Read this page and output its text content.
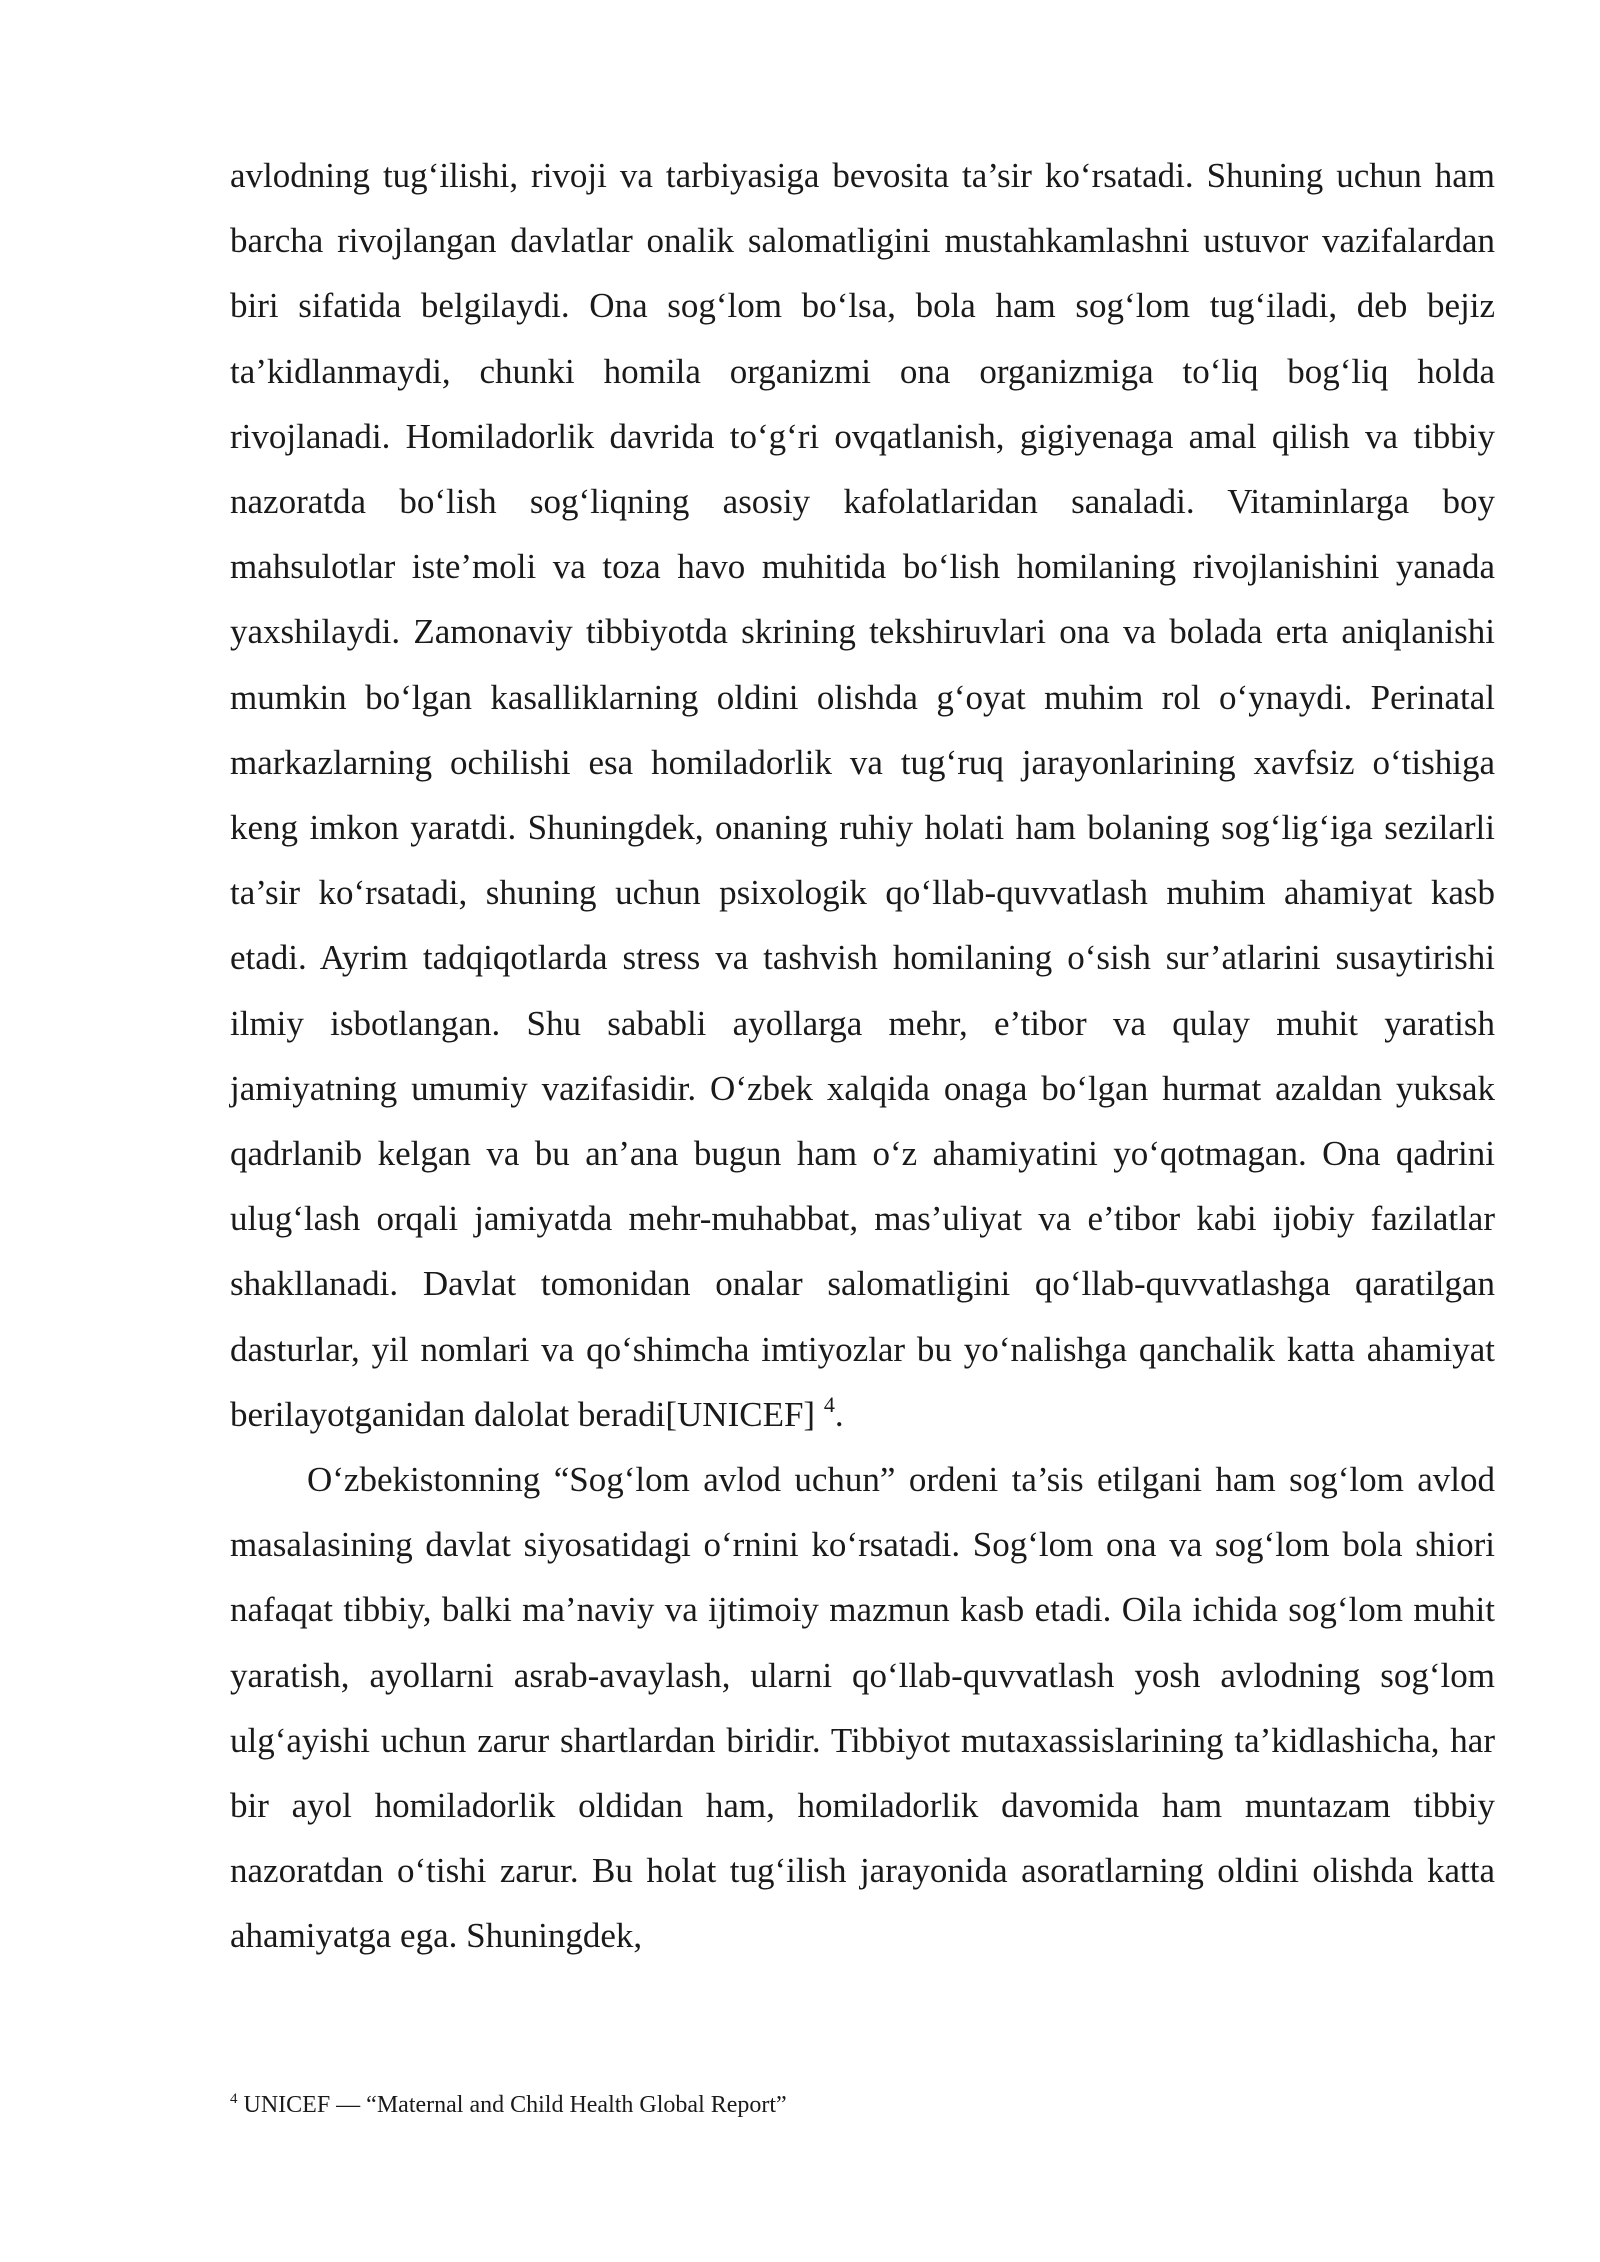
avlodning tug‘ilishi, rivoji va tarbiyasiga bevosita ta’sir ko‘rsatadi. Shuning uchun ham barcha rivojlangan davlatlar onalik salomatligini mustahkamlashni ustuvor vazifalardan biri sifatida belgilaydi. Ona sog‘lom bo‘lsa, bola ham sog‘lom tug‘iladi, deb bejiz ta’kidlanmaydi, chunki homila organizmi ona organizmiga to‘liq bog‘liq holda rivojlanadi. Homiladorlik davrida to‘g‘ri ovqatlanish, gigiyenaga amal qilish va tibbiy nazoratda bo‘lish sog‘liqning asosiy kafolatlaridan sanaladi. Vitaminlarga boy mahsulotlar iste’moli va toza havo muhitida bo‘lish homilaning rivojlanishini yanada yaxshilaydi. Zamonaviy tibbiyotda skrining tekshiruvlari ona va bolada erta aniqlanishi mumkin bo‘lgan kasalliklarning oldini olishda g‘oyat muhim rol o‘ynaydi. Perinatal markazlarning ochilishi esa homiladorlik va tug‘ruq jarayonlarining xavfsiz o‘tishiga keng imkon yaratdi. Shuningdek, onaning ruhiy holati ham bolaning sog‘lig‘iga sezilarli ta’sir ko‘rsatadi, shuning uchun psixologik qo‘llab-quvvatlash muhim ahamiyat kasb etadi. Ayrim tadqiqotlarda stress va tashvish homilaning o‘sish sur’atlarini susaytirishi ilmiy isbotlangan. Shu sababli ayollarga mehr, e’tibor va qulay muhit yaratish jamiyatning umumiy vazifasidir. O‘zbek xalqida onaga bo‘lgan hurmat azaldan yuksak qadrlanib kelgan va bu an’ana bugun ham o‘z ahamiyatini yo‘qotmagan. Ona qadrini ulug‘lash orqali jamiyatda mehr-muhabbat, mas’uliyat va e’tibor kabi ijobiy fazilatlar shakllanadi. Davlat tomonidan onalar salomatligini qo‘llab-quvvatlashga qaratilgan dasturlar, yil nomlari va qo‘shimcha imtiyozlar bu yo‘nalishga qanchalik katta ahamiyat berilayotganidan dalolat beradi[UNICEF] $^4$.

O‘zbekistonning “Sog‘lom avlod uchun” ordeni ta’sis etilgani ham sog‘lom avlod masalasining davlat siyosatidagi o‘rnini ko‘rsatadi. Sog‘lom ona va sog‘lom bola shiori nafaqat tibbiy, balki ma’naviy va ijtimoiy mazmun kasb etadi. Oila ichida sog‘lom muhit yaratish, ayollarni asrab-avaylash, ularni qo‘llab-quvvatlash yosh avlodning sog‘lom ulg‘ayishi uchun zarur shartlardan biridir. Tibbiyot mutaxassislarining ta’kidlashicha, har bir ayol homiladorlik oldidan ham, homiladorlik davomida ham muntazam tibbiy nazoratdan o‘tishi zarur. Bu holat tug‘ilish jarayonida asoratlarning oldini olishda katta ahamiyatga ega. Shuningdek,

$^4$ UNICEF — “Maternal and Child Health Global Report”
